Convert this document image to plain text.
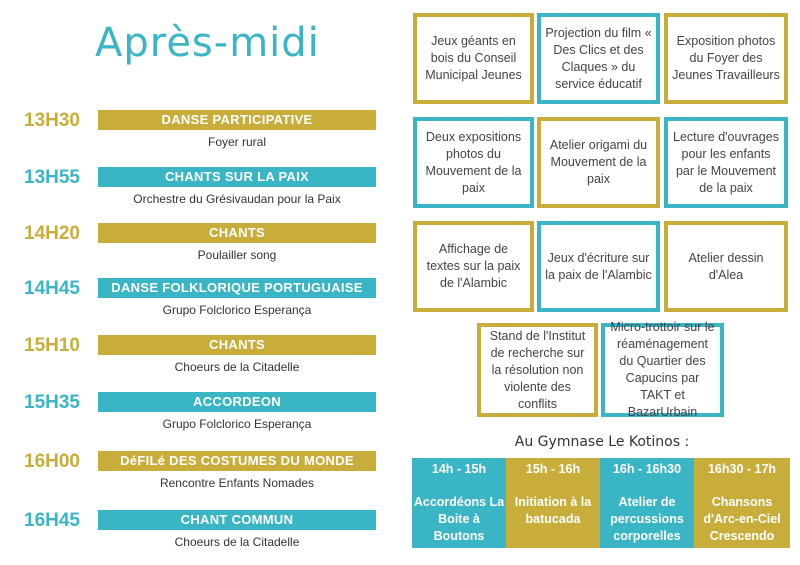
Après-midi
13H30	DANSE PARTICIPATIVE
Foyer rural
13H55	CHANTS SUR LA PAIX
Orchestre du Grésivaudan pour la Paix
14H20	CHANTS
Poulailler song
14H45	DANSE FOLKLORIQUE PORTUGUAISE
Grupo Folclorico Esperança
15H10	CHANTS
Choeurs de la Citadelle
15H35	ACCORDEON
Grupo Folclorico Esperança
16H00	DéFILé DES COSTUMES DU MONDE
Rencontre Enfants Nomades
16H45	CHANT COMMUN
Choeurs de la Citadelle
Jeux géants en bois du Conseil Municipal Jeunes
Projection du film « Des Clics et des Claques » du service éducatif
Exposition photos du Foyer des Jeunes Travailleurs
Deux expositions photos du Mouvement de la paix
Atelier origami du Mouvement de la paix
Lecture d'ouvrages pour les enfants par le Mouvement de la paix
Affichage de textes sur la paix de l'Alambic
Jeux d'écriture sur la paix de l'Alambic
Atelier dessin d'Alea
Stand de l'Institut de recherche sur la résolution non violente des conflits
Micro-trottoir sur le réaménagement du Quartier des Capucins par TAKT et BazarUrbain
Au Gymnase Le Kotinos :
14h - 15h
Accordéons La Boite à Boutons
15h - 16h
Initiation à la batucada
16h - 16h30
Atelier de percussions corporelles
16h30 - 17h
Chansons d'Arc-en-Ciel Crescendo
